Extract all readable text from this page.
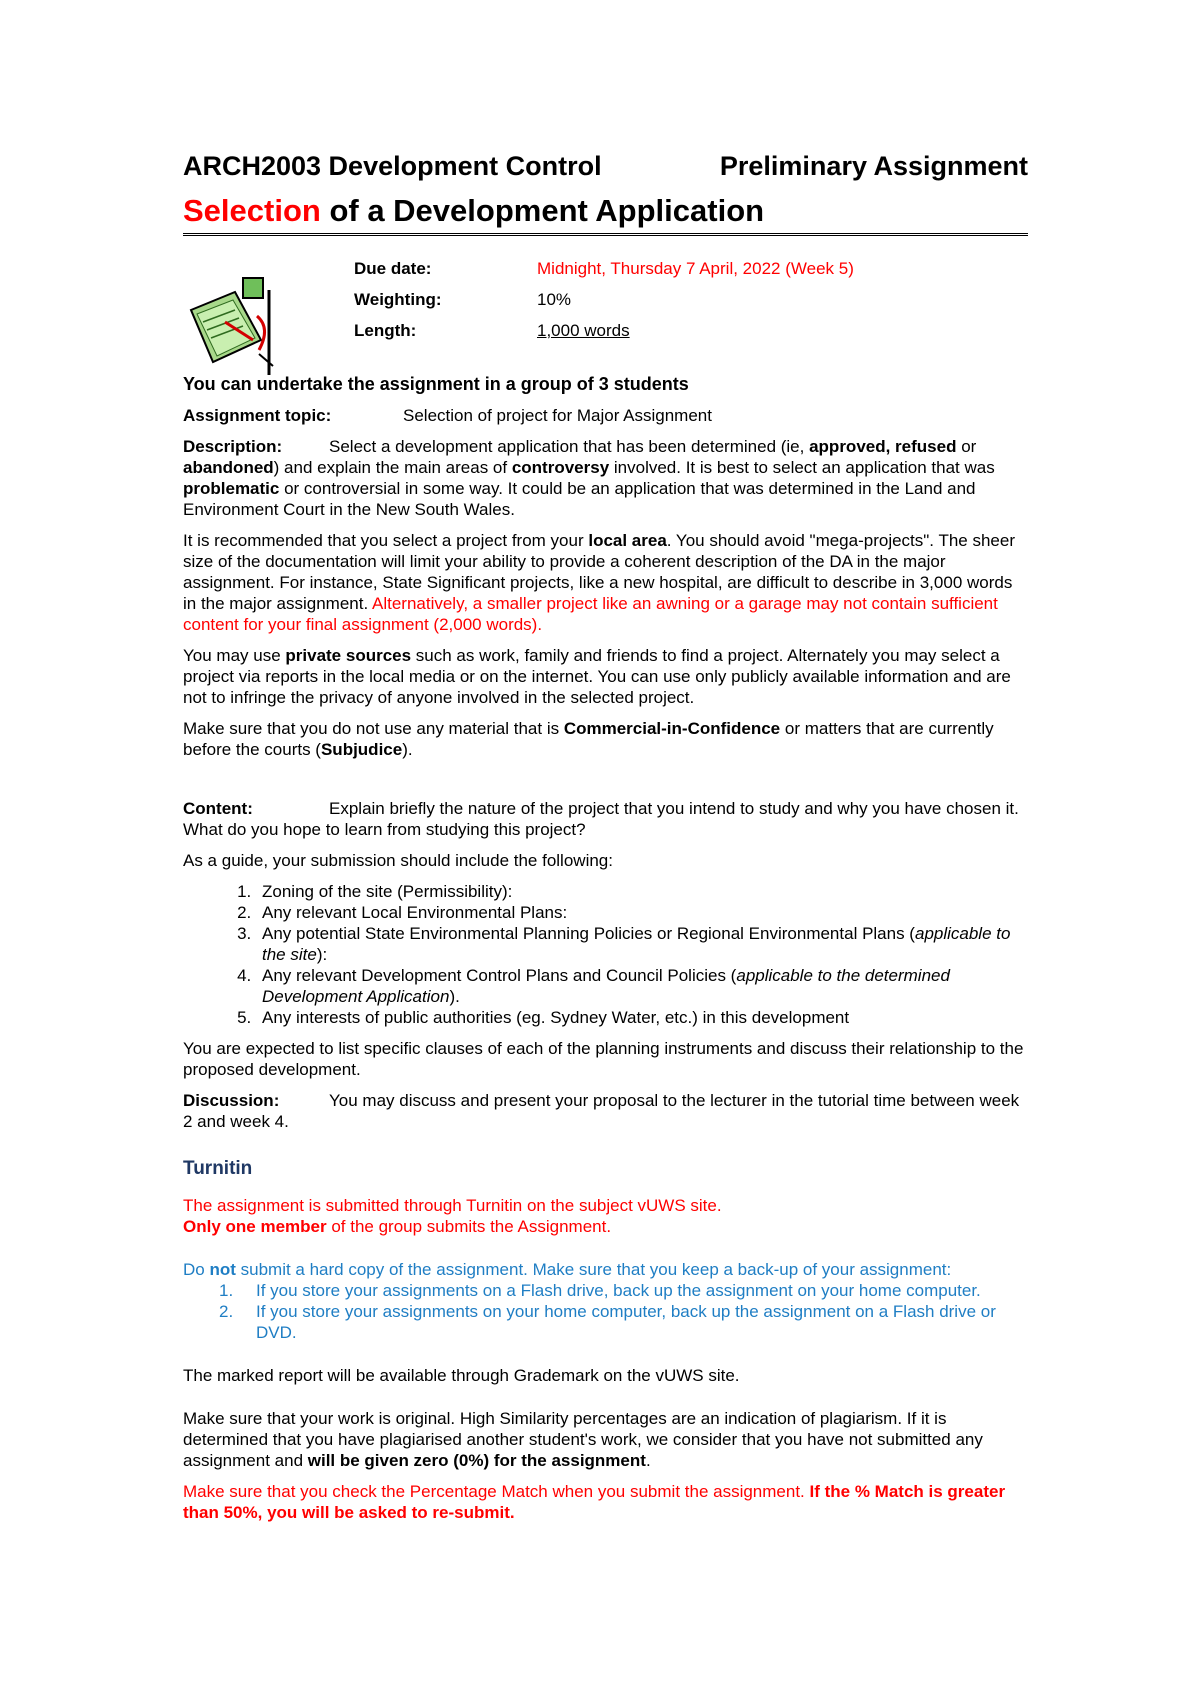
ARCH2003 Development Control	Preliminary Assignment
Selection of a Development Application
Due date:	Midnight, Thursday 7 April, 2022 (Week 5)
Weighting:	10%
Length:	1,000 words

You can undertake the assignment in a group of 3 students

Assignment topic:	Selection of project for Major Assignment

Description:	Select a development application that has been determined (ie, approved, refused or abandoned) and explain the main areas of controversy involved. It is best to select an application that was problematic or controversial in some way. It could be an application that was determined in the Land and Environment Court in the New South Wales.

It is recommended that you select a project from your local area. You should avoid "mega-projects". The sheer size of the documentation will limit your ability to provide a coherent description of the DA in the major assignment. For instance, State Significant projects, like a new hospital, are difficult to describe in 3,000 words in the major assignment. Alternatively, a smaller project like an awning or a garage may not contain sufficient content for your final assignment (2,000 words).

You may use private sources such as work, family and friends to find a project. Alternately you may select a project via reports in the local media or on the internet. You can use only publicly available information and are not to infringe the privacy of anyone involved in the selected project.

Make sure that you do not use any material that is Commercial-in-Confidence or matters that are currently before the courts (Subjudice).

Content:	Explain briefly the nature of the project that you intend to study and why you have chosen it. What do you hope to learn from studying this project?

As a guide, your submission should include the following:

1. Zoning of the site (Permissibility):
2. Any relevant Local Environmental Plans:
3. Any potential State Environmental Planning Policies or Regional Environmental Plans (applicable to the site):
4. Any relevant Development Control Plans and Council Policies (applicable to the determined Development Application).
5. Any interests of public authorities (eg. Sydney Water, etc.) in this development

You are expected to list specific clauses of each of the planning instruments and discuss their relationship to the proposed development.

Discussion:	You may discuss and present your proposal to the lecturer in the tutorial time between week 2 and week 4.

Turnitin

The assignment is submitted through Turnitin on the subject vUWS site.
Only one member of the group submits the Assignment.

Do not submit a hard copy of the assignment. Make sure that you keep a back-up of your assignment:

1. If you store your assignments on a Flash drive, back up the assignment on your home computer.
2. If you store your assignments on your home computer, back up the assignment on a Flash drive or DVD.

The marked report will be available through Grademark on the vUWS site.

Make sure that your work is original. High Similarity percentages are an indication of plagiarism. If it is determined that you have plagiarised another student's work, we consider that you have not submitted any assignment and will be given zero (0%) for the assignment.

Make sure that you check the Percentage Match when you submit the assignment. If the % Match is greater than 50%, you will be asked to re-submit.
